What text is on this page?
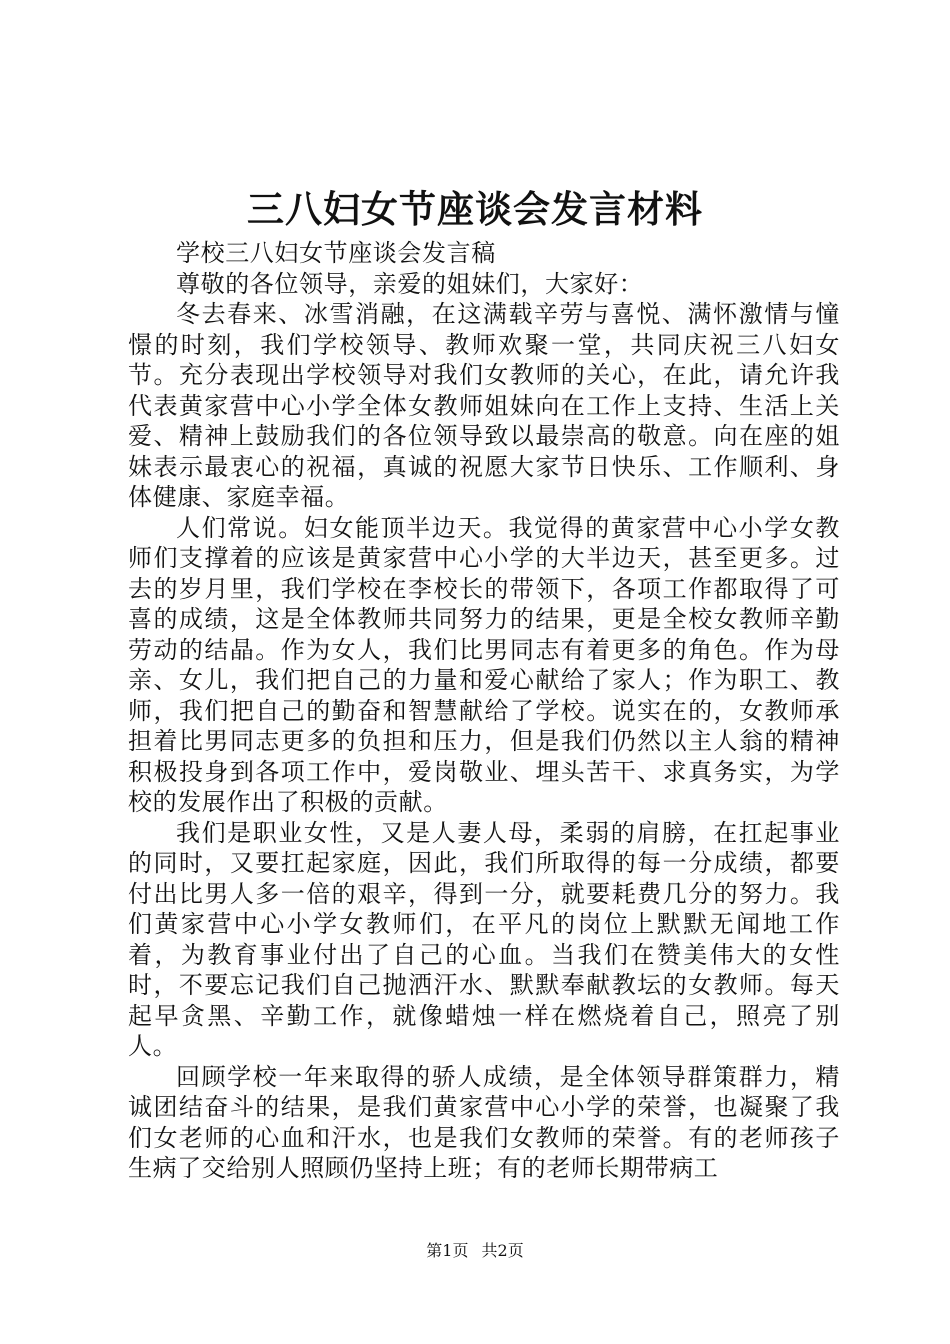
三八妇女节座谈会发言材料

学校三八妇女节座谈会发言稿

尊敬的各位领导，亲爱的姐妹们，大家好：

冬去春来、冰雪消融，在这满载辛劳与喜悦、满怀激情与憧憬的时刻，我们学校领导、教师欢聚一堂，共同庆祝三八妇女节。充分表现出学校领导对我们女教师的关心，在此，请允许我代表黄家营中心小学全体女教师姐妹向在工作上支持、生活上关爱、精神上鼓励我们的各位领导致以最崇高的敬意。向在座的姐妹表示最衷心的祝福，真诚的祝愿大家节日快乐、工作顺利、身体健康、家庭幸福。

人们常说。妇女能顶半边天。我觉得的黄家营中心小学女教师们支撑着的应该是黄家营中心小学的大半边天，甚至更多。过去的岁月里，我们学校在李校长的带领下，各项工作都取得了可喜的成绩，这是全体教师共同努力的结果，更是全校女教师辛勤劳动的结晶。作为女人，我们比男同志有着更多的角色。作为母亲、女儿，我们把自己的力量和爱心献给了家人；作为职工、教师，我们把自己的勤奋和智慧献给了学校。说实在的，女教师承担着比男同志更多的负担和压力，但是我们仍然以主人翁的精神积极投身到各项工作中，爱岗敬业、埋头苦干、求真务实，为学校的发展作出了积极的贡献。

我们是职业女性，又是人妻人母，柔弱的肩膀，在扛起事业的同时，又要扛起家庭，因此，我们所取得的每一分成绩，都要付出比男人多一倍的艰辛，得到一分，就要耗费几分的努力。我们黄家营中心小学女教师们，在平凡的岗位上默默无闻地工作着，为教育事业付出了自己的心血。当我们在赞美伟大的女性时，不要忘记我们自己抛洒汗水、默默奉献教坛的女教师。每天起早贪黑、辛勤工作，就像蜡烛一样在燃烧着自己，照亮了别人。

回顾学校一年来取得的骄人成绩，是全体领导群策群力，精诚团结奋斗的结果，是我们黄家营中心小学的荣誉，也凝聚了我们女老师的心血和汗水，也是我们女教师的荣誉。有的老师孩子生病了交给别人照顾仍坚持上班；有的老师长期带病工

第1页 共2页
